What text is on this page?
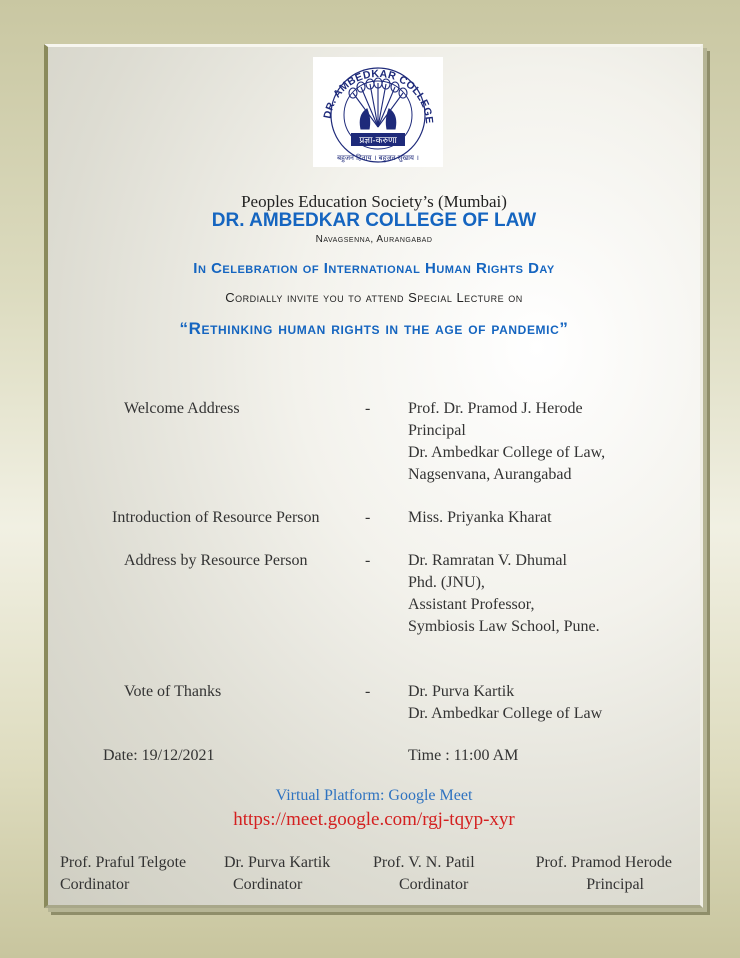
DR. AMBEDKAR COLLEGE
प्रज्ञा-करुणा
बहुजन हिताय । बहुजन सुखाय ।
Peoples Education Society’s (Mumbai)
DR. AMBEDKAR COLLEGE OF LAW
Navagsenna, Aurangabad
In Celebration of International Human Rights Day
Cordially invite you to attend Special Lecture on
“Rethinking human rights in the age of pandemic”
Welcome Address	- Prof. Dr. Pramod J. Herode
Principal
Dr. Ambedkar College of Law,
Nagsenvana, Aurangabad
Introduction of Resource Person	- Miss. Priyanka Kharat
Address by Resource Person	- Dr. Ramratan V. Dhumal
Phd. (JNU),
Assistant Professor,
Symbiosis Law School, Pune.
Vote of Thanks	- Dr. Purva Kartik
Dr. Ambedkar College of Law
Date: 19/12/2021	Time : 11:00 AM
Virtual Platform: Google Meet
https://meet.google.com/rgj-tqyp-xyr
Prof. Praful Telgote
Cordinator
Dr. Purva Kartik
Cordinator
Prof. V. N. Patil
Cordinator
Prof. Pramod Herode
Principal
